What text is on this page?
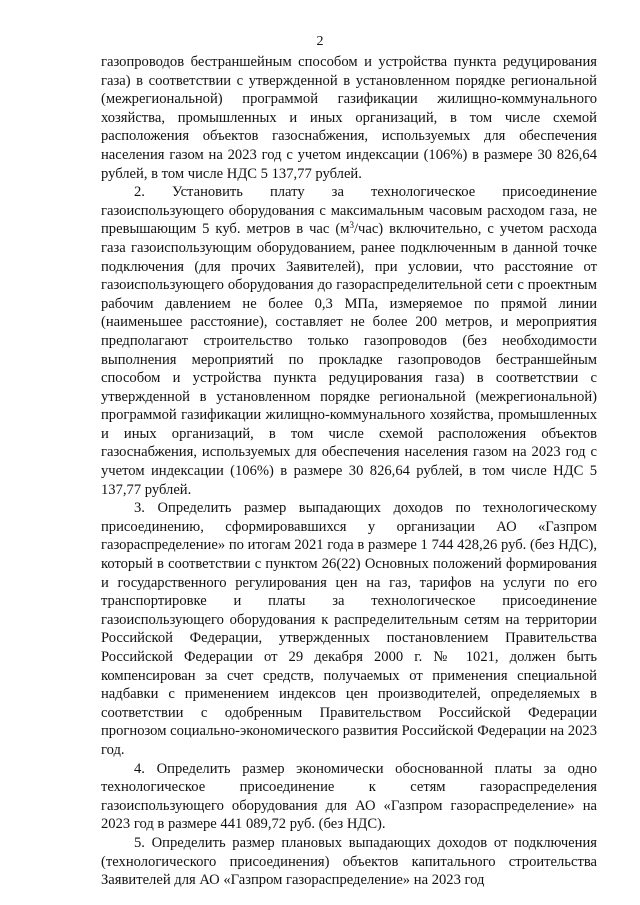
2

газопроводов бестраншейным способом и устройства пункта редуцирования газа) в соответствии с утвержденной в установленном порядке региональной (межрегиональной) программой газификации жилищно-коммунального хозяйства, промышленных и иных организаций, в том числе схемой расположения объектов газоснабжения, используемых для обеспечения населения газом на 2023 год с учетом индексации (106%) в размере 30 826,64 рублей, в том числе НДС 5 137,77 рублей.

2. Установить плату за технологическое присоединение газоиспользующего оборудования с максимальным часовым расходом газа, не превышающим 5 куб. метров в час $(м^3/час)$ включительно, с учетом расхода газа газоиспользующим оборудованием, ранее подключенным в данной точке подключения (для прочих Заявителей), при условии, что расстояние от газоиспользующего оборудования до газораспределительной сети с проектным рабочим давлением не более 0,3 МПа, измеряемое по прямой линии (наименьшее расстояние), составляет не более 200 метров, и мероприятия предполагают строительство только газопроводов (без необходимости выполнения мероприятий по прокладке газопроводов бестраншейным способом и устройства пункта редуцирования газа) в соответствии с утвержденной в установленном порядке региональной (межрегиональной) программой газификации жилищно-коммунального хозяйства, промышленных и иных организаций, в том числе схемой расположения объектов газоснабжения, используемых для обеспечения населения газом на 2023 год с учетом индексации (106%) в размере 30 826,64 рублей, в том числе НДС 5 137,77 рублей.

3. Определить размер выпадающих доходов по технологическому присоединению, сформировавшихся у организации АО «Газпром газораспределение» по итогам 2021 года в размере 1 744 428,26 руб. (без НДС), который в соответствии с пунктом 26(22) Основных положений формирования и государственного регулирования цен на газ, тарифов на услуги по его транспортировке и платы за технологическое присоединение газоиспользующего оборудования к распределительным сетям на территории Российской Федерации, утвержденных постановлением Правительства Российской Федерации от 29 декабря 2000 г. № 1021, должен быть компенсирован за счет средств, получаемых от применения специальной надбавки с применением индексов цен производителей, определяемых в соответствии с одобренным Правительством Российской Федерации прогнозом социально-экономического развития Российской Федерации на 2023 год.

4. Определить размер экономически обоснованной платы за одно технологическое присоединение к сетям газораспределения газоиспользующего оборудования для АО «Газпром газораспределение» на 2023 год в размере 441 089,72 руб. (без НДС).

5. Определить размер плановых выпадающих доходов от подключения (технологического присоединения) объектов капитального строительства Заявителей для АО «Газпром газораспределение» на 2023 год
